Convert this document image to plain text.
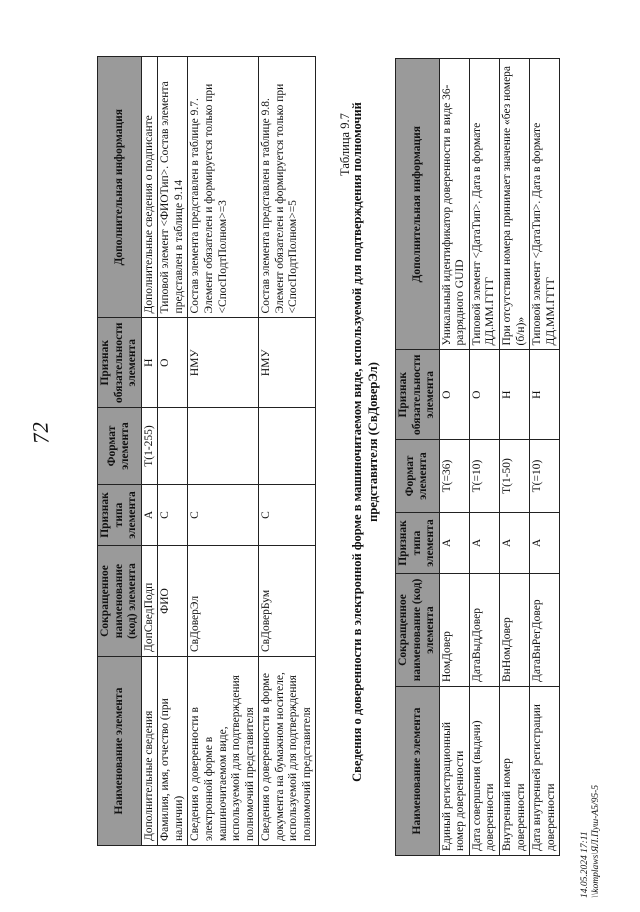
72
Наименование элемента	Сокращенное наименование (код) элемента	Признак типа элемента	Формат элемента	Признак обязательности элемента	Дополнительная информация
Дополнительные сведения	ДопСведПодп	А	T(1-255)	Н	Дополнительные сведения о подписанте
Фамилия, имя, отчество (при наличии)	ФИО	С		О	Типовой элемент <ФИОТип>. Состав элемента представлен в таблице 9.14
Сведения о доверенности в электронной форме в машиночитаемом виде, используемой для подтверждения полномочий представителя	СвДоверЭл	С		НМУ	Состав элемента представлен в таблице 9.7. Элемент обязателен и формируется только при <СпосПодтПолном>=3
Сведения о доверенности в форме документа на бумажном носителе, используемой для подтверждения полномочий представителя	СвДоверБум	С		НМУ	Состав элемента представлен в таблице 9.8. Элемент обязателен и формируется только при <СпосПодтПолном>=5
Таблица 9.7
Сведения о доверенности в электронной форме в машиночитаемом виде, используемой для подтверждения полномочий представителя (СвДоверЭл)
Наименование элемента	Сокращенное наименование (код) элемента	Признак типа элемента	Формат элемента	Признак обязательности элемента	Дополнительная информация
Единый регистрационный номер доверенности	НомДовер	А	T(=36)	О	Уникальный идентификатор доверенности в виде 36-разрядного GUID
Дата совершения (выдачи) доверенности	ДатаВыдДовер	А	T(=10)	О	Типовой элемент <ДатаТип>. Дата в формате ДД.ММ.ГГГГ
Внутренний номер доверенности	ВнНомДовер	А	T(1-50)	Н	При отсутствии номера принимает значение «без номера (б/н)»
Дата внутренней регистрации доверенности	ДатаВнРегДовер	А	T(=10)	Н	Типовой элемент <ДатаТип>. Дата в формате ДД.ММ.ГГГГ
14.05.2024 17:11 \\komplaws\ЯЛ.Пуш-А5/95-5
